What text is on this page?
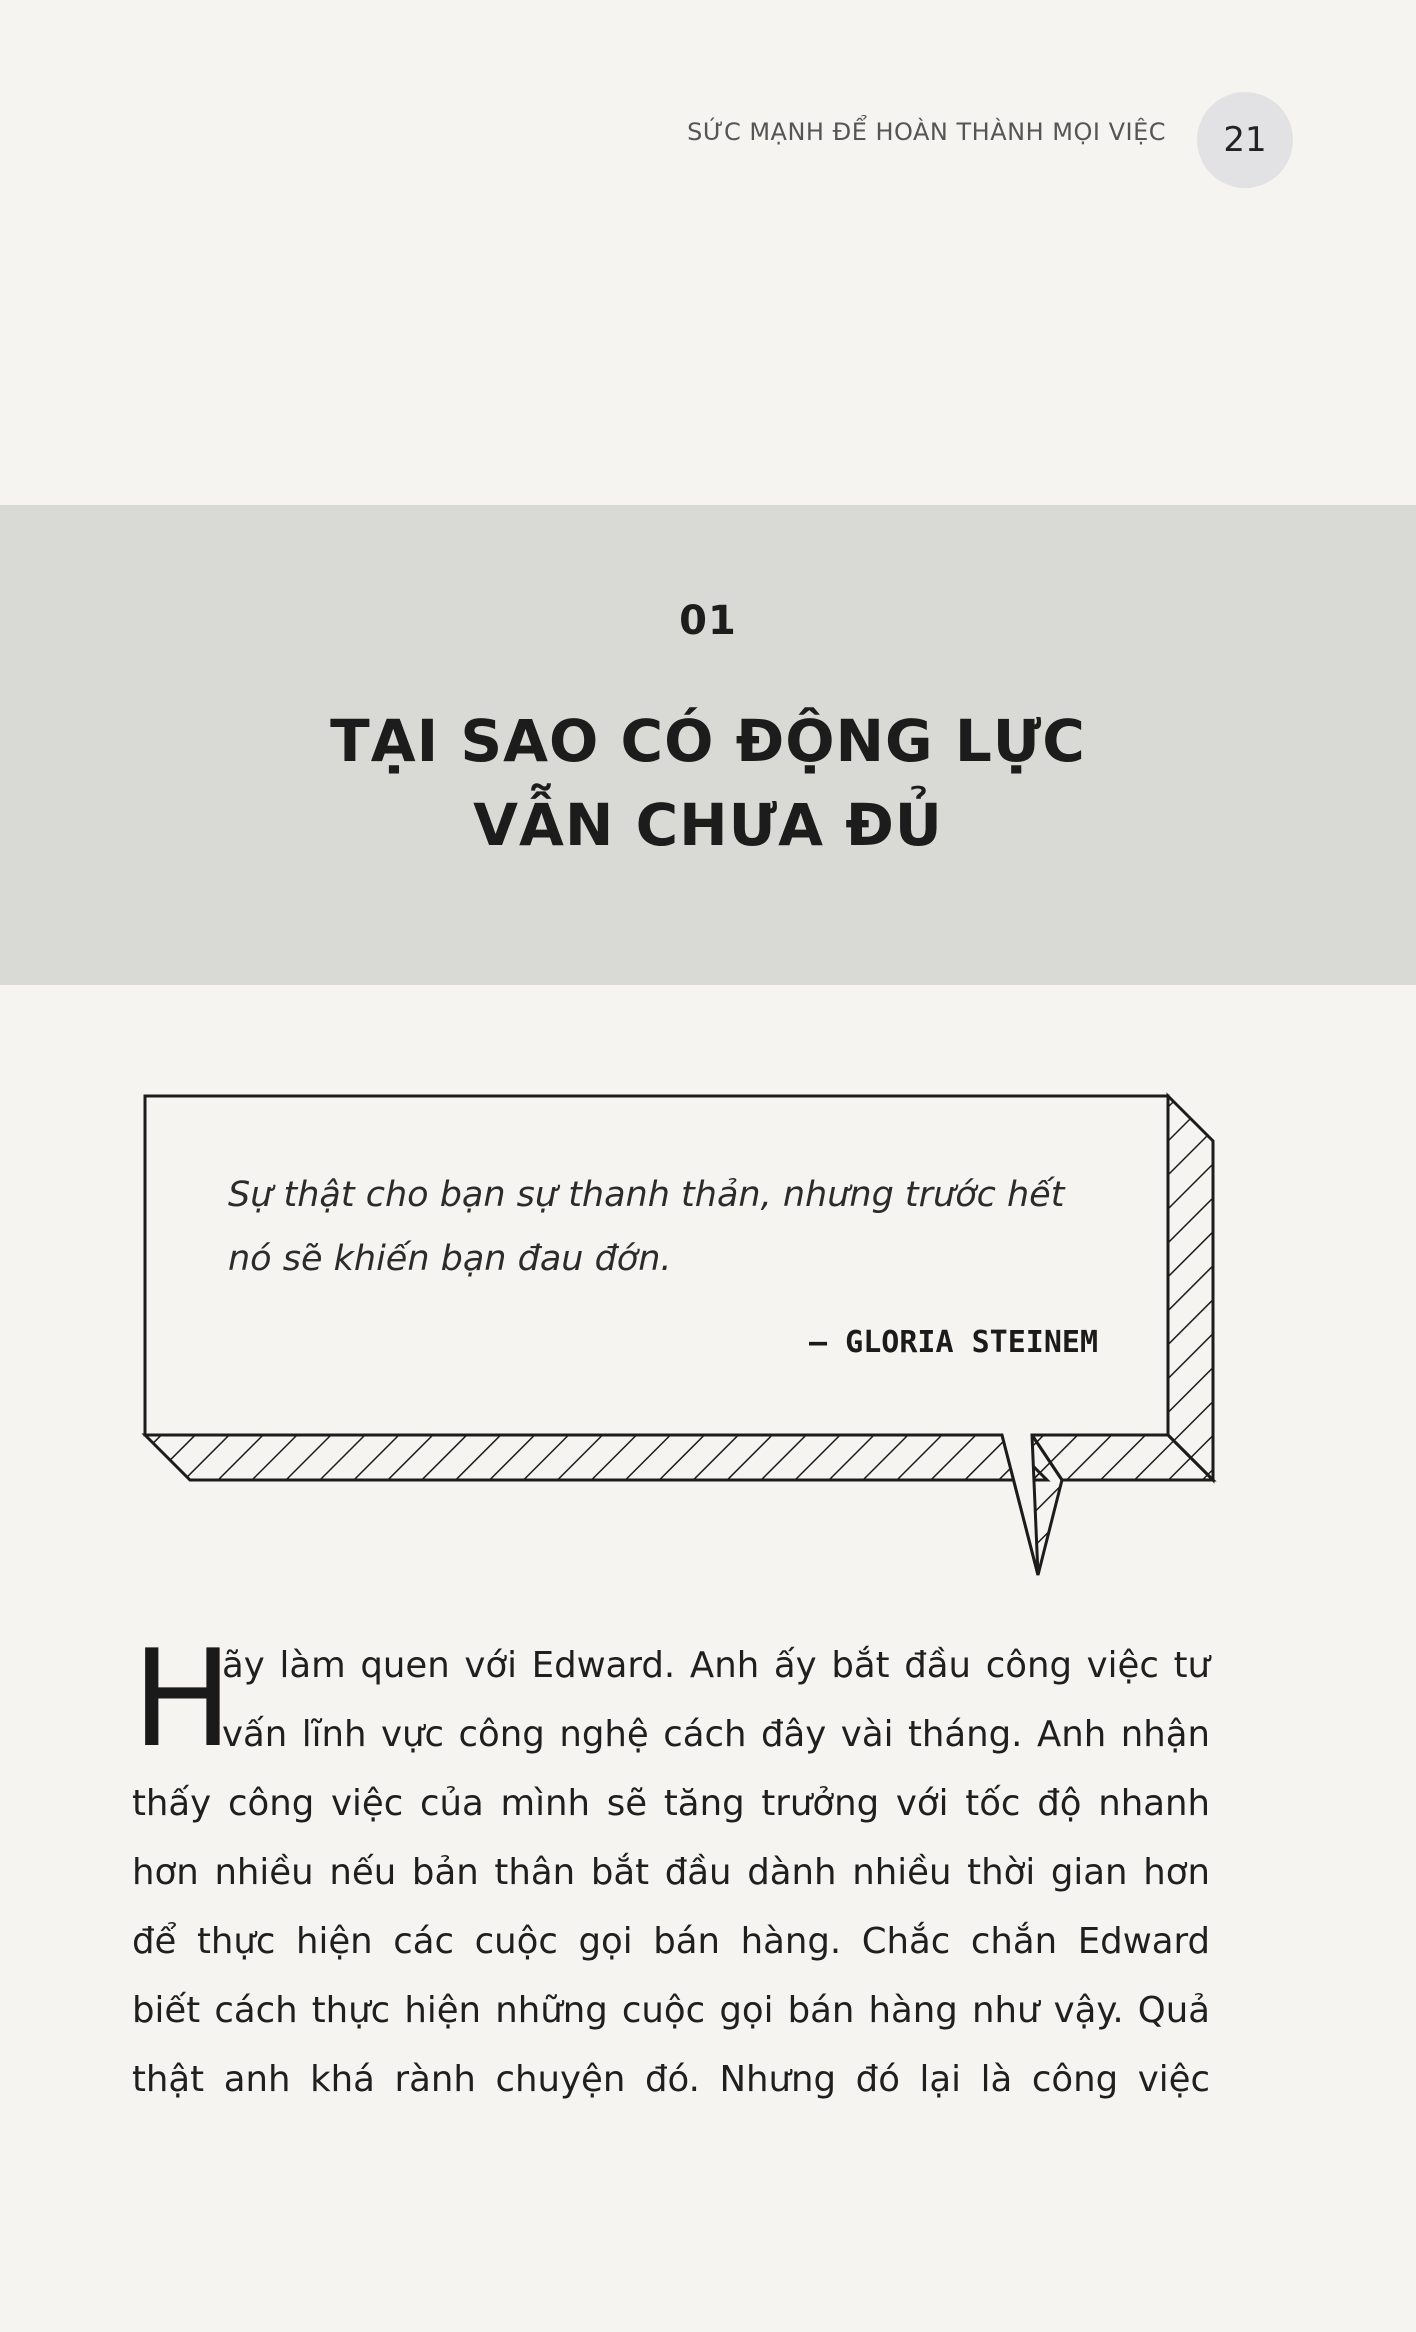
SỨC MẠNH ĐỂ HOÀN THÀNH MỌI VIỆC 21
01
TẠI SAO CÓ ĐỘNG LỰC
VẪN CHƯA ĐỦ
Sự thật cho bạn sự thanh thản, nhưng trước hết
nó sẽ khiến bạn đau đớn.
– GLORIA STEINEM
H
ãy làm quen với Edward. Anh ấy bắt đầu công việc tư
vấn lĩnh vực công nghệ cách đây vài tháng. Anh nhận
thấy công việc của mình sẽ tăng trưởng với tốc độ nhanh
hơn nhiều nếu bản thân bắt đầu dành nhiều thời gian hơn
để thực hiện các cuộc gọi bán hàng. Chắc chắn Edward
biết cách thực hiện những cuộc gọi bán hàng như vậy. Quả
thật anh khá rành chuyện đó. Nhưng đó lại là công việc
